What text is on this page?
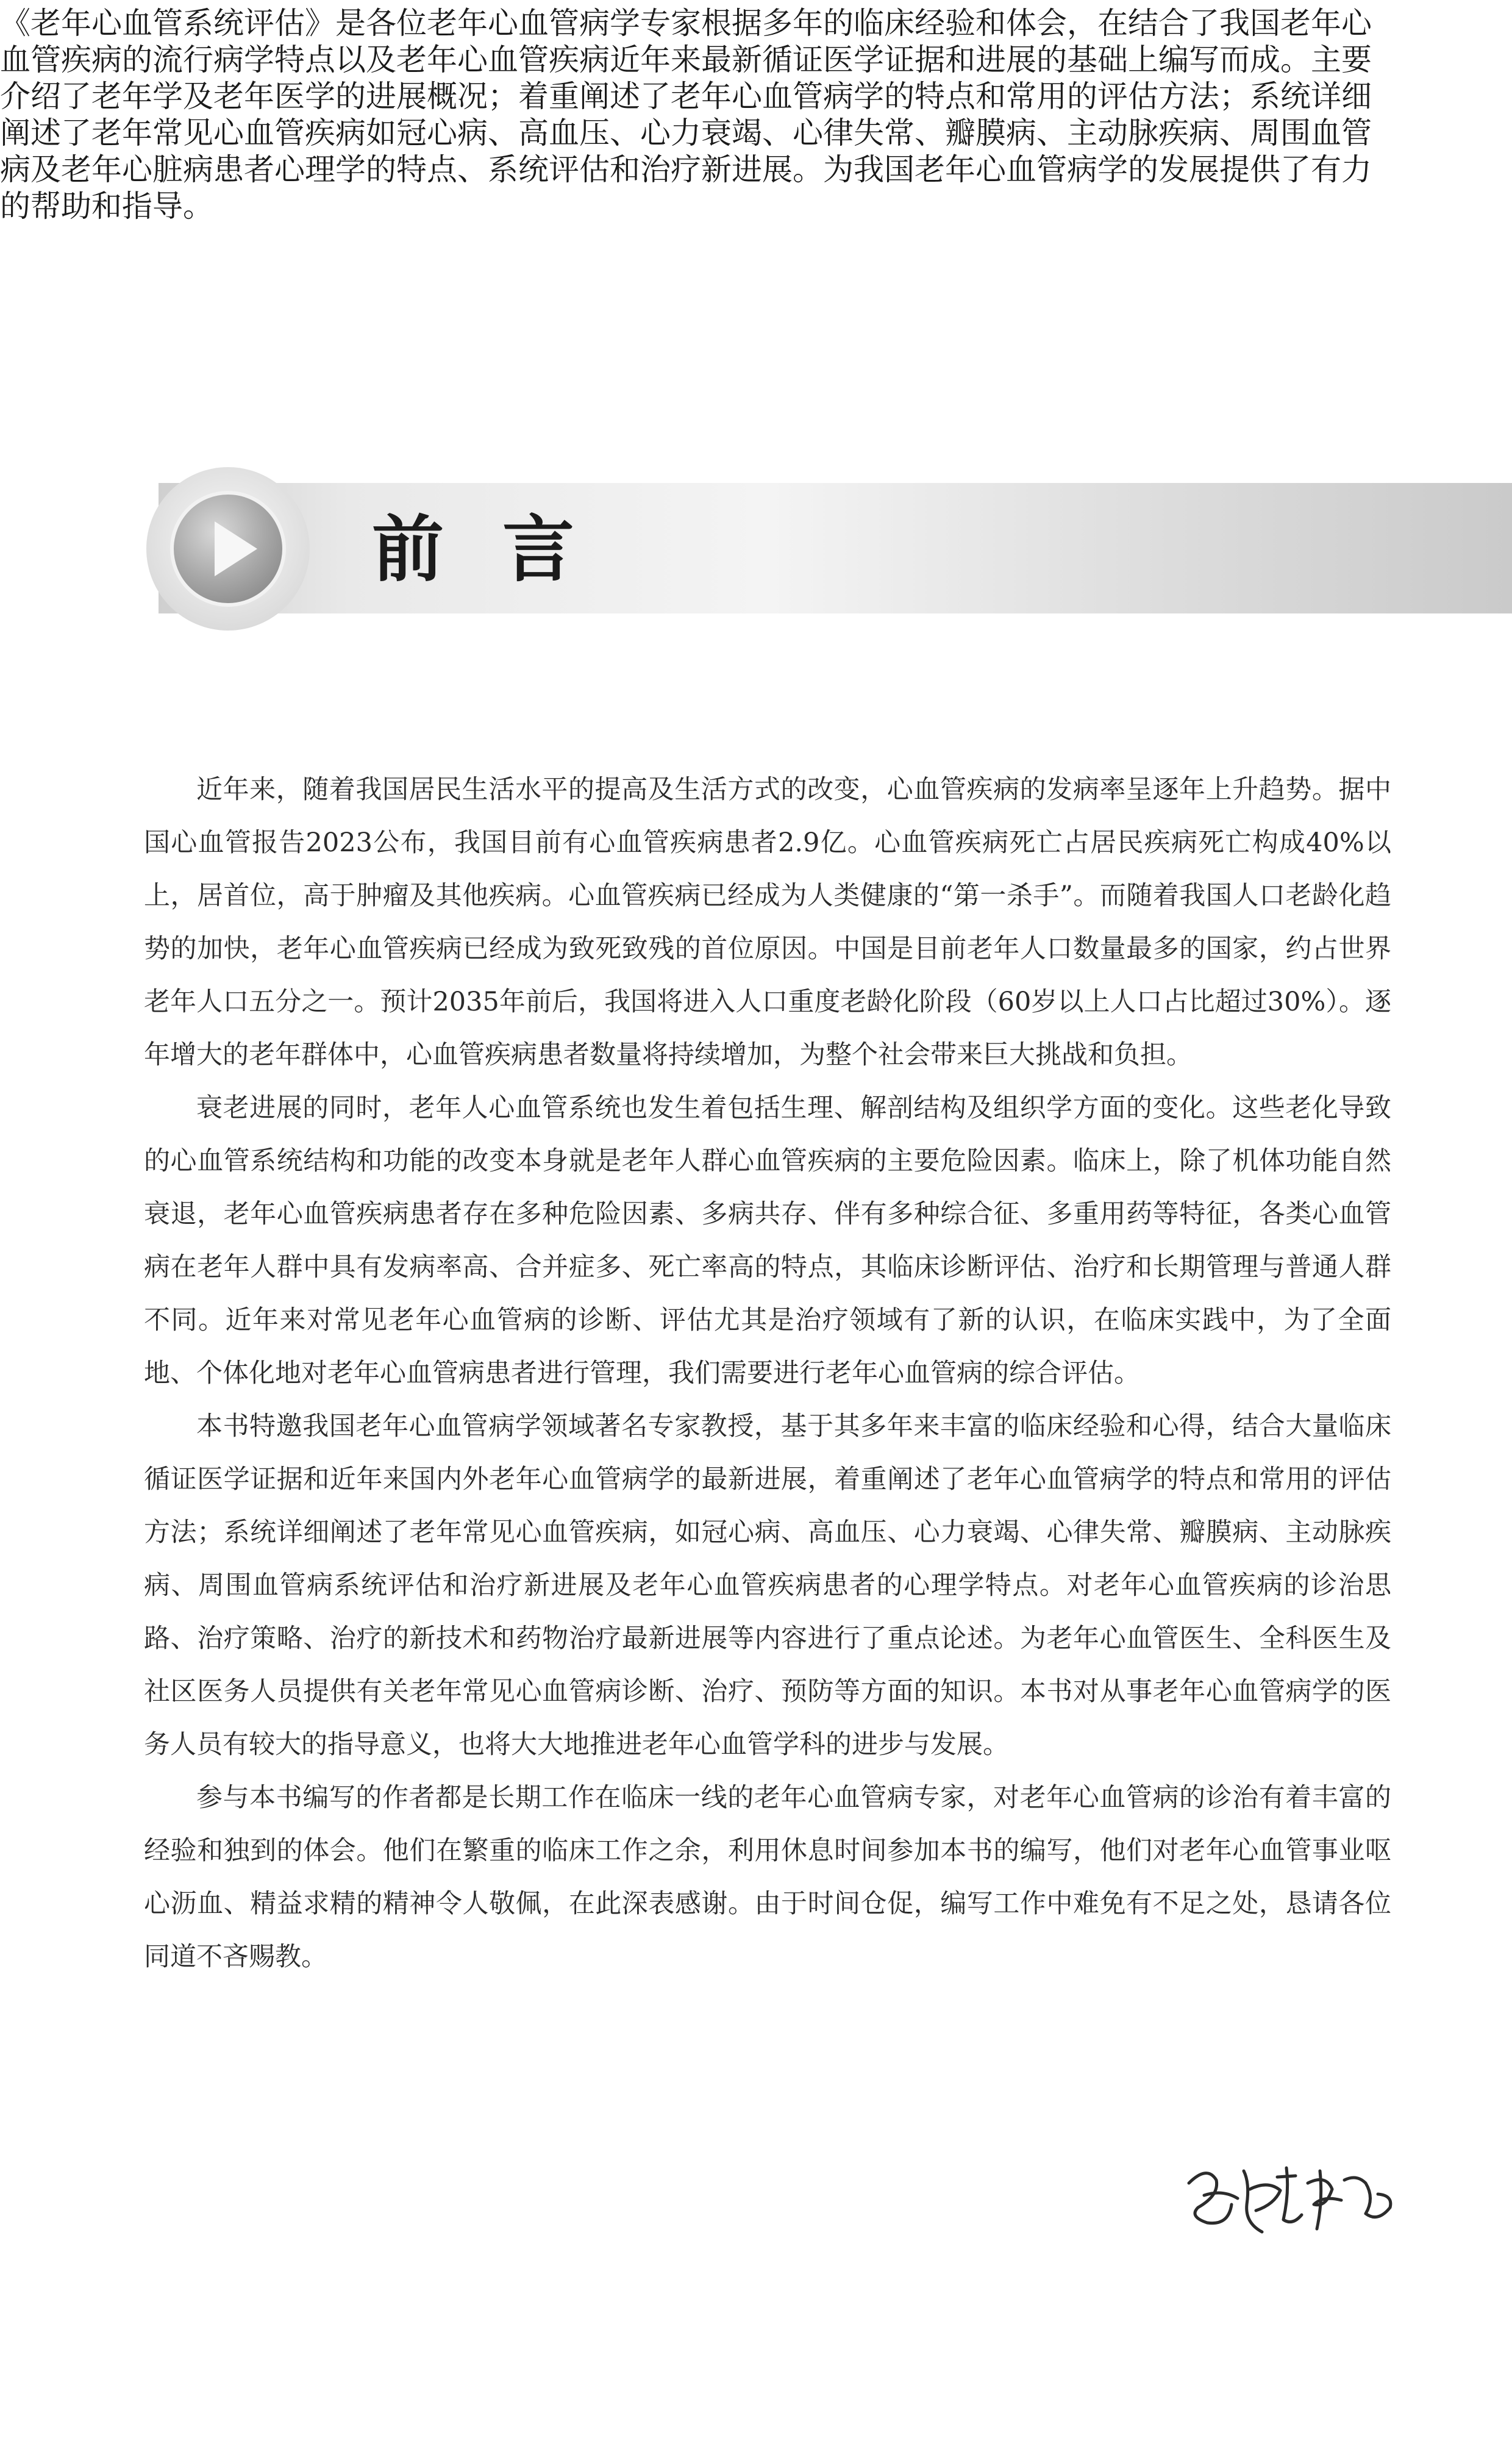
《老年心血管系统评估》是各位老年心血管病学专家根据多年的临床经验和体会，在结合了我国老年心血管疾病的流行病学特点以及老年心血管疾病近年来最新循证医学证据和进展的基础上编写而成。主要介绍了老年学及老年医学的进展概况；着重阐述了老年心血管病学的特点和常用的评估方法；系统详细阐述了老年常见心血管疾病如冠心病、高血压、心力衰竭、心律失常、瓣膜病、主动脉疾病、周围血管病及老年心脏病患者心理学的特点、系统评估和治疗新进展。为我国老年心血管病学的发展提供了有力的帮助和指导。
前言

近年来，随着我国居民生活水平的提高及生活方式的改变，心血管疾病的发病率呈逐年上升趋势。据中国心血管报告2023公布，我国目前有心血管疾病患者2.9亿。心血管疾病死亡占居民疾病死亡构成40%以上，居首位，高于肿瘤及其他疾病。心血管疾病已经成为人类健康的“第一杀手”。而随着我国人口老龄化趋势的加快，老年心血管疾病已经成为致死致残的首位原因。中国是目前老年人口数量最多的国家，约占世界老年人口五分之一。预计2035年前后，我国将进入人口重度老龄化阶段（60岁以上人口占比超过30%）。逐年增大的老年群体中，心血管疾病患者数量将持续增加，为整个社会带来巨大挑战和负担。

衰老进展的同时，老年人心血管系统也发生着包括生理、解剖结构及组织学方面的变化。这些老化导致的心血管系统结构和功能的改变本身就是老年人群心血管疾病的主要危险因素。临床上，除了机体功能自然衰退，老年心血管疾病患者存在多种危险因素、多病共存、伴有多种综合征、多重用药等特征，各类心血管病在老年人群中具有发病率高、合并症多、死亡率高的特点，其临床诊断评估、治疗和长期管理与普通人群不同。近年来对常见老年心血管病的诊断、评估尤其是治疗领域有了新的认识，在临床实践中，为了全面地、个体化地对老年心血管病患者进行管理，我们需要进行老年心血管病的综合评估。

本书特邀我国老年心血管病学领域著名专家教授，基于其多年来丰富的临床经验和心得，结合大量临床循证医学证据和近年来国内外老年心血管病学的最新进展，着重阐述了老年心血管病学的特点和常用的评估方法；系统详细阐述了老年常见心血管疾病，如冠心病、高血压、心力衰竭、心律失常、瓣膜病、主动脉疾病、周围血管病系统评估和治疗新进展及老年心血管疾病患者的心理学特点。对老年心血管疾病的诊治思路、治疗策略、治疗的新技术和药物治疗最新进展等内容进行了重点论述。为老年心血管医生、全科医生及社区医务人员提供有关老年常见心血管病诊断、治疗、预防等方面的知识。本书对从事老年心血管病学的医务人员有较大的指导意义，也将大大地推进老年心血管学科的进步与发展。

参与本书编写的作者都是长期工作在临床一线的老年心血管病专家，对老年心血管病的诊治有着丰富的经验和独到的体会。他们在繁重的临床工作之余，利用休息时间参加本书的编写，他们对老年心血管事业呕心沥血、精益求精的精神令人敬佩，在此深表感谢。由于时间仓促，编写工作中难免有不足之处，恳请各位同道不吝赐教。
